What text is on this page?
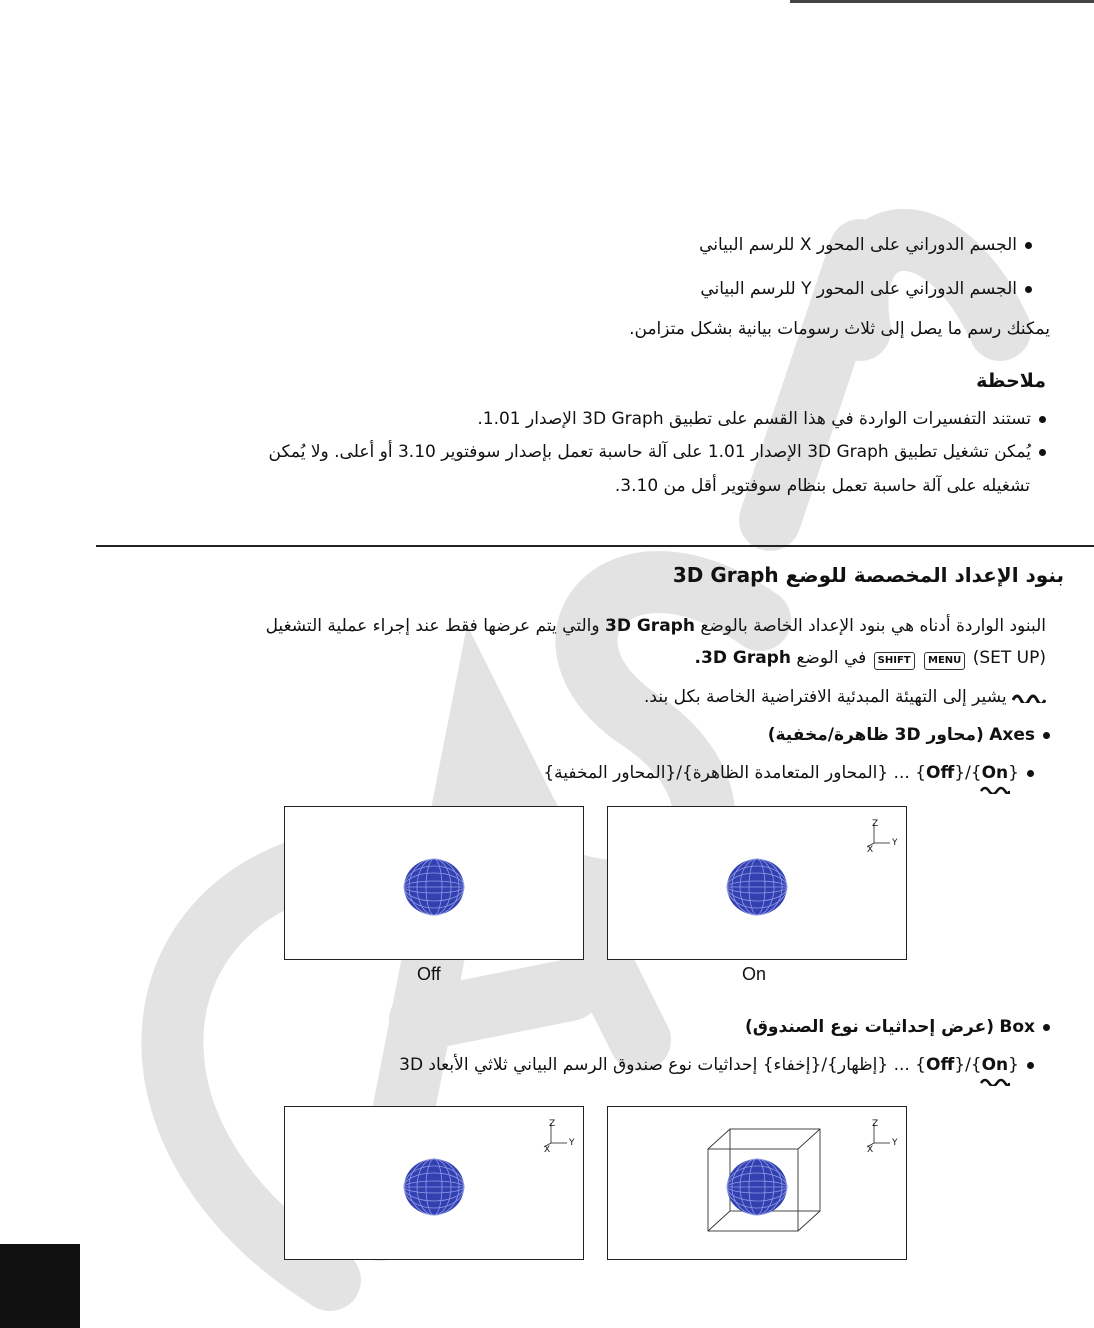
الجسم الدوراني على المحور X للرسم البياني
الجسم الدوراني على المحور Y للرسم البياني
يمكنك رسم ما يصل إلى ثلاث رسومات بيانية بشكل متزامن.
ملاحظة
تستند التفسيرات الواردة في هذا القسم على تطبيق 3D Graph الإصدار 1.01.
يُمكن تشغيل تطبيق 3D Graph الإصدار 1.01 على آلة حاسبة تعمل بإصدار سوفتوير 3.10 أو أعلى. ولا يُمكن
تشغيله على آلة حاسبة تعمل بنظام سوفتوير أقل من 3.10.
بنود الإعداد المخصصة للوضع 3D Graph
البنود الواردة أدناه هي بنود الإعداد الخاصة بالوضع 3D Graph والتي يتم عرضها فقط عند إجراء عملية التشغيل
(SET UP) MENU SHIFT في الوضع 3D Graph.
يشير إلى التهيئة المبدئية الافتراضية الخاصة بكل بند.
Axes (محاور 3D ظاهرة/مخفية)
{On
}/{Off} ... {المحاور المتعامدة الظاهرة}/{المحاور المخفية}
Z
Y
X
Off	On
Box (عرض إحداثيات نوع الصندوق)
{On
}/{Off} ... {إظهار}/{إخفاء} إحداثيات نوع صندوق الرسم البياني ثلاثي الأبعاد 3D
Z
Y
X
Z
Y
X
